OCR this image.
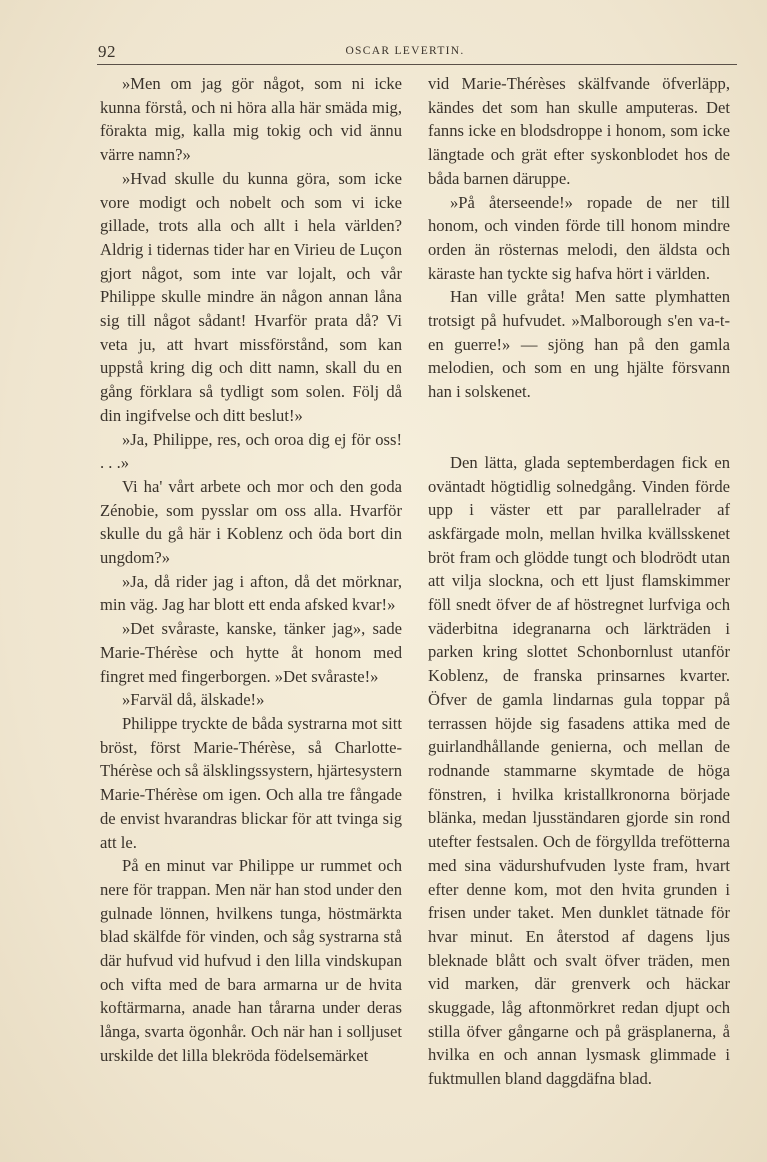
92	OSCAR LEVERTIN.

»Men om jag gör något, som ni icke kunna förstå, och ni höra alla här smäda mig, förakta mig, kalla mig tokig och vid ännu värre namn?»

»Hvad skulle du kunna göra, som icke vore modigt och nobelt och som vi icke gillade, trots alla och allt i hela världen? Aldrig i tidernas tider har en Virieu de Luçon gjort något, som inte var lojalt, och vår Philippe skulle mindre än någon annan låna sig till något sådant! Hvarför prata då? Vi veta ju, att hvart missförstånd, som kan uppstå kring dig och ditt namn, skall du en gång förklara så tydligt som solen. Följ då din ingifvelse och ditt beslut!»

»Ja, Philippe, res, och oroa dig ej för oss! . . .»

Vi ha' vårt arbete och mor och den goda Zénobie, som pysslar om oss alla. Hvarför skulle du gå här i Koblenz och öda bort din ungdom?»

»Ja, då rider jag i afton, då det mörknar, min väg. Jag har blott ett enda afsked kvar!»

»Det svåraste, kanske, tänker jag», sade Marie-Thérèse och hytte åt honom med fingret med fingerborgen. »Det svåraste!»

»Farväl då, älskade!»

Philippe tryckte de båda systrarna mot sitt bröst, först Marie-Thérèse, så Charlotte-Thérèse och så älsklingssystern, hjärtesystern Marie-Thérèse om igen. Och alla tre fångade de envist hvarandras blickar för att tvinga sig att le.

På en minut var Philippe ur rummet och nere för trappan. Men när han stod under den gulnade lönnen, hvilkens tunga, höstmärkta blad skälfde för vinden, och såg systrarna stå där hufvud vid hufvud i den lilla vindskupan och vifta med de bara armarna ur de hvita koftärmarna, anade han tårarna under deras långa, svarta ögonhår. Och när han i solljuset urskilde det lilla blekröda födelsemärket

vid Marie-Thérèses skälfvande öfverläpp, kändes det som han skulle amputeras. Det fanns icke en blodsdroppe i honom, som icke längtade och grät efter syskonblodet hos de båda barnen däruppe.

»På återseende!» ropade de ner till honom, och vinden förde till honom mindre orden än rösternas melodi, den äldsta och käraste han tyckte sig hafva hört i världen.

Han ville gråta! Men satte plymhatten trotsigt på hufvudet. »Malborough s'en va-t-en guerre!» — sjöng han på den gamla melodien, och som en ung hjälte försvann han i solskenet.

Den lätta, glada septemberdagen fick en oväntadt högtidlig solnedgång. Vinden förde upp i väster ett par parallelrader af askfärgade moln, mellan hvilka kvällsskenet bröt fram och glödde tungt och blodrödt utan att vilja slockna, och ett ljust flamskimmer föll snedt öfver de af höstregnet lurfviga och väderbitna idegranarna och lärkträden i parken kring slottet Schonbornlust utanför Koblenz, de franska prinsarnes kvarter. Öfver de gamla lindarnas gula toppar på terrassen höjde sig fasadens attika med de guirlandhållande genierna, och mellan de rodnande stammarne skymtade de höga fönstren, i hvilka kristallkronorna började blänka, medan ljusständaren gjorde sin rond utefter festsalen. Och de förgyllda trefötterna med sina vädurshufvuden lyste fram, hvart efter denne kom, mot den hvita grunden i frisen under taket. Men dunklet tätnade för hvar minut. En återstod af dagens ljus bleknade blått och svalt öfver träden, men vid marken, där grenverk och häckar skuggade, låg aftonmörkret redan djupt och stilla öfver gångarne och på gräsplanerna, å hvilka en och annan lysmask glimmade i fuktmullen bland daggdäfna blad.
